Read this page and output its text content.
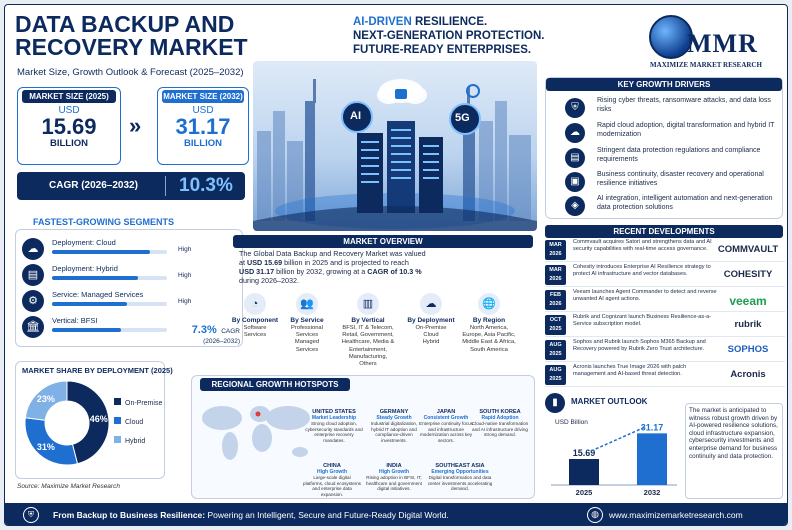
DATA BACKUP AND
RECOVERY MARKET
Market Size, Growth Outlook & Forecast (2025–2032)
AI-DRIVEN RESILIENCE.
NEXT-GENERATION PROTECTION.
FUTURE-READY ENTERPRISES.	MMR
MAXIMIZE MARKET RESEARCH
MARKET SIZE (2025)
USD
15.69
BILLION
»
MARKET SIZE (2032)
USD
31.17
BILLION
CAGR (2026–2032) 10.3%
AI	5G
FASTEST-GROWING SEGMENTS
☁
Deployment: Cloud
High
▤
Deployment: Hybrid
High
⚙
Service: Managed Services
High
🏛
Vertical: BFSI
7.3% CAGR
(2026–2032)
MARKET SHARE BY DEPLOYMENT (2025)
46%
31%
23%	On-Premise
Cloud
Hybrid
Source: Maximize Market Research
MARKET OVERVIEW
The Global Data Backup and Recovery Market was valued
at USD 15.69 billion in 2025 and is projected to reach
USD 31.17 billion by 2032, growing at a CAGR of 10.3 %
during 2026–2032.
◔
By Component
Software
Services
👥
By Service
Professional
Services
Managed
Services
▥
By Vertical
BFSI, IT & Telecom,
Retail, Government,
Healthcare, Media &
Entertainment,
Manufacturing,
Others
☁
By Deployment
On-Premise
Cloud
Hybrid
🌐
By Region
North America,
Europe, Asia Pacific,
Middle East & Africa,
South America
REGIONAL GROWTH HOTSPOTS
UNITED STATES
Market Leadership
Strong cloud adoption, cybersecurity standards and enterprise recovery mandates.
GERMANY
Steady Growth
Industrial digitalization, hybrid IT adoption and compliance-driven investments.
JAPAN
Consistent Growth
Enterprise continuity focus and infrastructure modernization across key sectors.
SOUTH KOREA
Rapid Adoption
Cloud-native transformation and AI infrastructure driving strong demand.
CHINA
High Growth
Large-scale digital platforms, cloud ecosystems and enterprise data expansion.
INDIA
High Growth
Rising adoption in BFSI, IT, healthcare and government digital initiatives.
SOUTHEAST ASIA
Emerging Opportunities
Digital transformation and data center investments accelerating demand.
KEY GROWTH DRIVERS
⛨
Rising cyber threats, ransomware attacks, and data loss risks
☁
Rapid cloud adoption, digital transformation and hybrid IT modernization
▤
Stringent data protection regulations and compliance requirements
▣
Business continuity, disaster recovery and operational resilience initiatives
◈
AI integration, intelligent automation and next-generation data protection solutions
RECENT DEVELOPMENTS
MAR
2026
Commvault acquires Satori and strengthens data and AI security capabilities with real-time access governance.	COMMVAULT
MAR
2026
Cohesity introduces Enterprise AI Resilience strategy to protect AI infrastructure and vector databases.	COHESITY
FEB
2026
Veeam launches Agent Commander to detect and reverse unwanted AI agent actions.	veeam
OCT
2025
Rubrik and Cognizant launch Business Resilience-as-a-Service subscription model.	rubrik
AUG
2025
Sophos and Rubrik launch Sophos M365 Backup and Recovery powered by Rubrik Zero Trust architecture.	SOPHOS
AUG
2025
Acronis launches True Image 2026 with patch management and AI-based threat detection.	Acronis
▮	MARKET OUTLOOK
USD Billion
15.69
2025
31.17
2032
The market is anticipated to witness robust growth driven by AI-powered resilience solutions, cloud infrastructure expansion, cybersecurity investments and enterprise demand for business continuity and data protection.
⛨	From Backup to Business Resilience: Powering an Intelligent, Secure and Future-Ready Digital World.	◍	www.maximizemarketresearch.com
